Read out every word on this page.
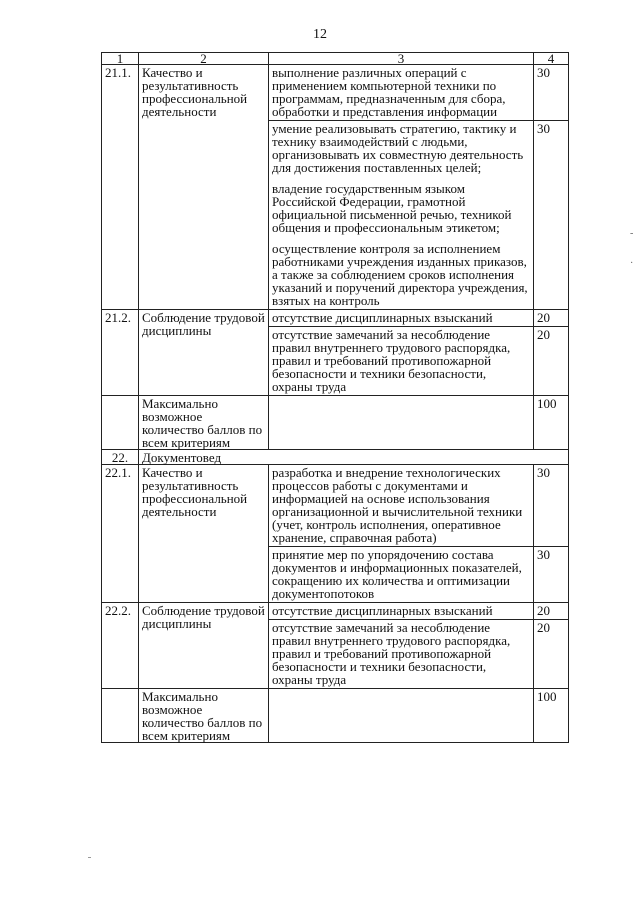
12
1	2	3	4
21.1.	Качество и результативность профессиональной деятельности	выполнение различных операций с применением компьютерной техники по программам, предназначенным для сбора, обработки и представления информации	30

		умение реализовывать стратегию, тактику и технику взаимодействий с людьми, организовывать их совместную деятельность для достижения поставленных целей;
владение государственным языком Российской Федерации, грамотной официальной письменной речью, техникой общения и профессиональным этикетом;
осуществление контроля за исполнением работниками учреждения изданных приказов, а также за соблюдением сроков исполнения указаний и поручений директора учреждения, взятых на контроль	30
21.2.	Соблюдение трудовой дисциплины	отсутствие дисциплинарных взысканий	20

		отсутствие замечаний за несоблюдение правил внутреннего трудового распорядка, правил и требований противопожарной безопасности и техники безопасности, охраны труда	20
	Максимально возможное количество баллов по всем критериям		100
22.	Документовед		
22.1.	Качество и результативность профессиональной деятельности	разработка и внедрение технологических процессов работы с документами и информацией на основе использования организационной и вычислительной техники (учет, контроль исполнения, оперативное хранение, справочная работа)	30

		принятие мер по упорядочению состава документов и информационных показателей, сокращению их количества и оптимизации документопотоков	30
22.2.	Соблюдение трудовой дисциплины	отсутствие дисциплинарных взысканий	20

		отсутствие замечаний за несоблюдение правил внутреннего трудового распорядка, правил и требований противопожарной безопасности и техники безопасности, охраны труда	20
	Максимально возможное количество баллов по всем критериям		100
-
·
